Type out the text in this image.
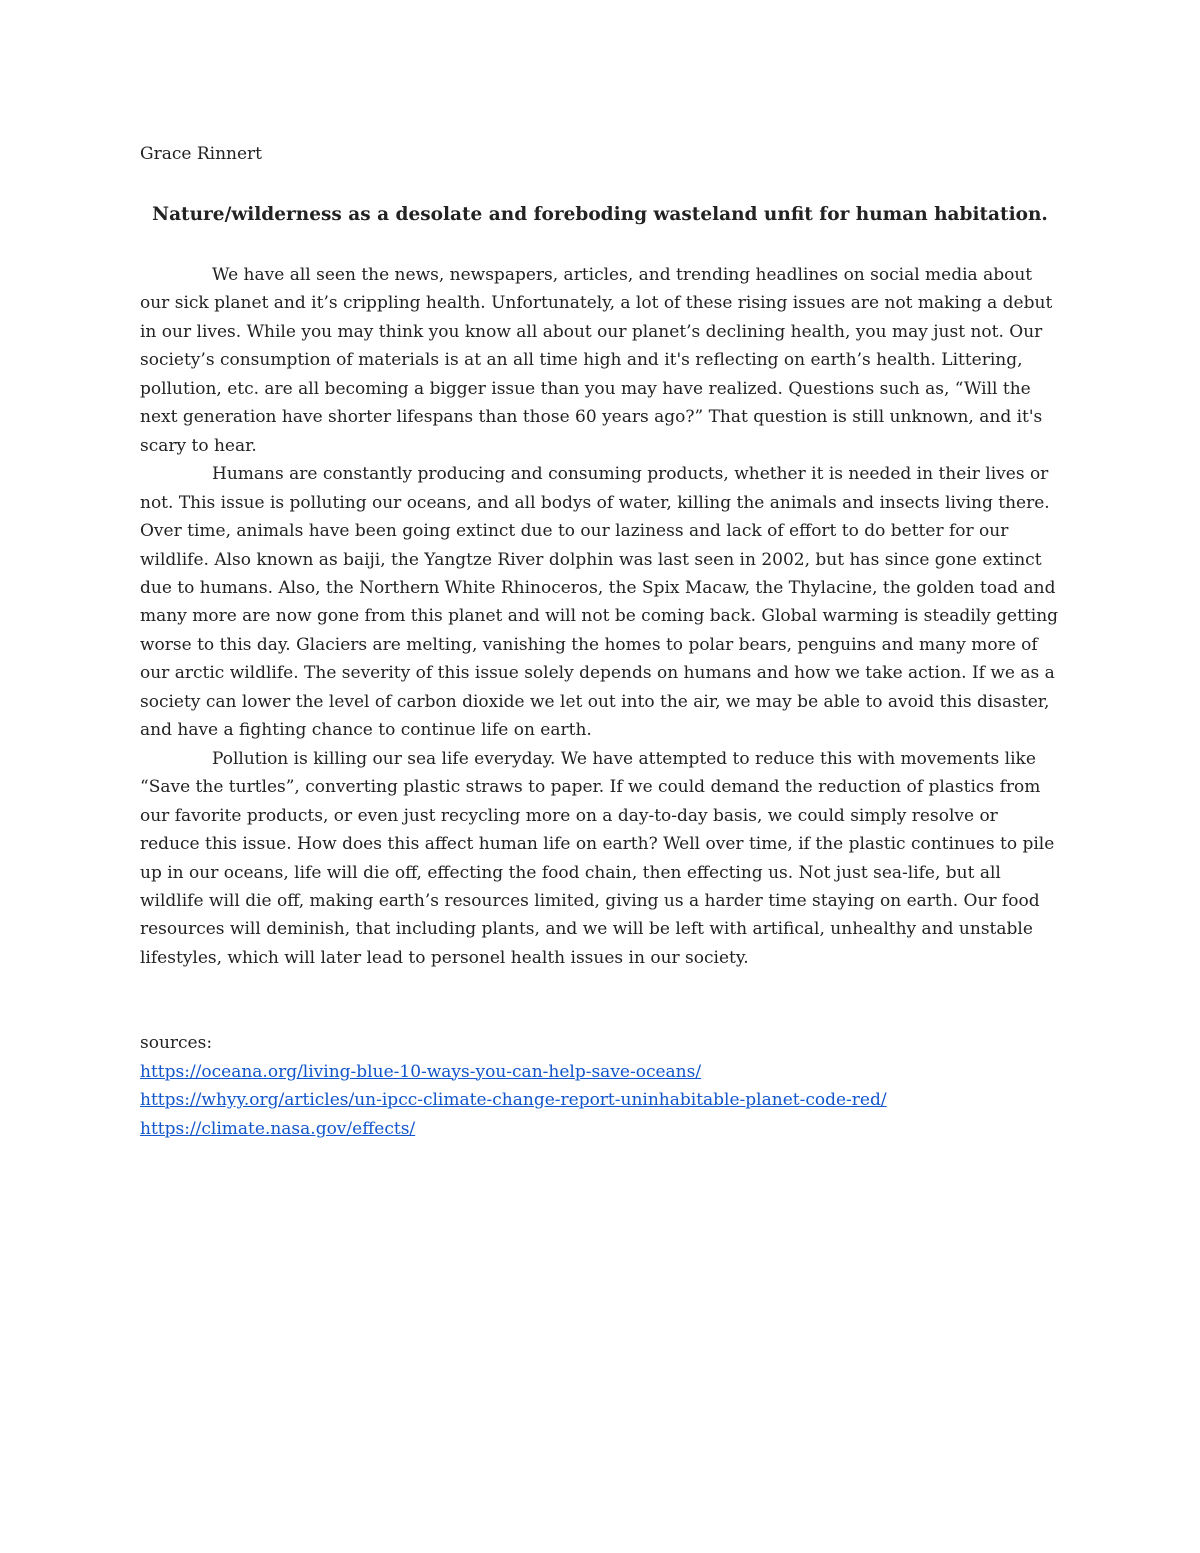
Grace Rinnert
Nature/wilderness as a desolate and foreboding wasteland unfit for human habitation.

We have all seen the news, newspapers, articles, and trending headlines on social media about our sick planet and it’s crippling health. Unfortunately, a lot of these rising issues are not making a debut in our lives. While you may think you know all about our planet’s declining health, you may just not. Our society’s consumption of materials is at an all time high and it's reflecting on earth’s health. Littering, pollution, etc. are all becoming a bigger issue than you may have realized. Questions such as, “Will the next generation have shorter lifespans than those 60 years ago?” That question is still unknown, and it's scary to hear.

Humans are constantly producing and consuming products, whether it is needed in their lives or not. This issue is polluting our oceans, and all bodys of water, killing the animals and insects living there. Over time, animals have been going extinct due to our laziness and lack of effort to do better for our wildlife. Also known as baiji, the Yangtze River dolphin was last seen in 2002, but has since gone extinct due to humans. Also, the Northern White Rhinoceros, the Spix Macaw, the Thylacine, the golden toad and many more are now gone from this planet and will not be coming back. Global warming is steadily getting worse to this day. Glaciers are melting, vanishing the homes to polar bears, penguins and many more of our arctic wildlife. The severity of this issue solely depends on humans and how we take action. If we as a society can lower the level of carbon dioxide we let out into the air, we may be able to avoid this disaster, and have a fighting chance to continue life on earth.

Pollution is killing our sea life everyday. We have attempted to reduce this with movements like “Save the turtles”, converting plastic straws to paper. If we could demand the reduction of plastics from our favorite products, or even just recycling more on a day-to-day basis, we could simply resolve or reduce this issue. How does this affect human life on earth? Well over time, if the plastic continues to pile up in our oceans, life will die off, effecting the food chain, then effecting us. Not just sea-life, but all wildlife will die off, making earth’s resources limited, giving us a harder time staying on earth. Our food resources will deminish, that including plants, and we will be left with artifical, unhealthy and unstable lifestyles, which will later lead to personel health issues in our society.

sources:
https://oceana.org/living-blue-10-ways-you-can-help-save-oceans/
https://whyy.org/articles/un-ipcc-climate-change-report-uninhabitable-planet-code-red/
https://climate.nasa.gov/effects/
